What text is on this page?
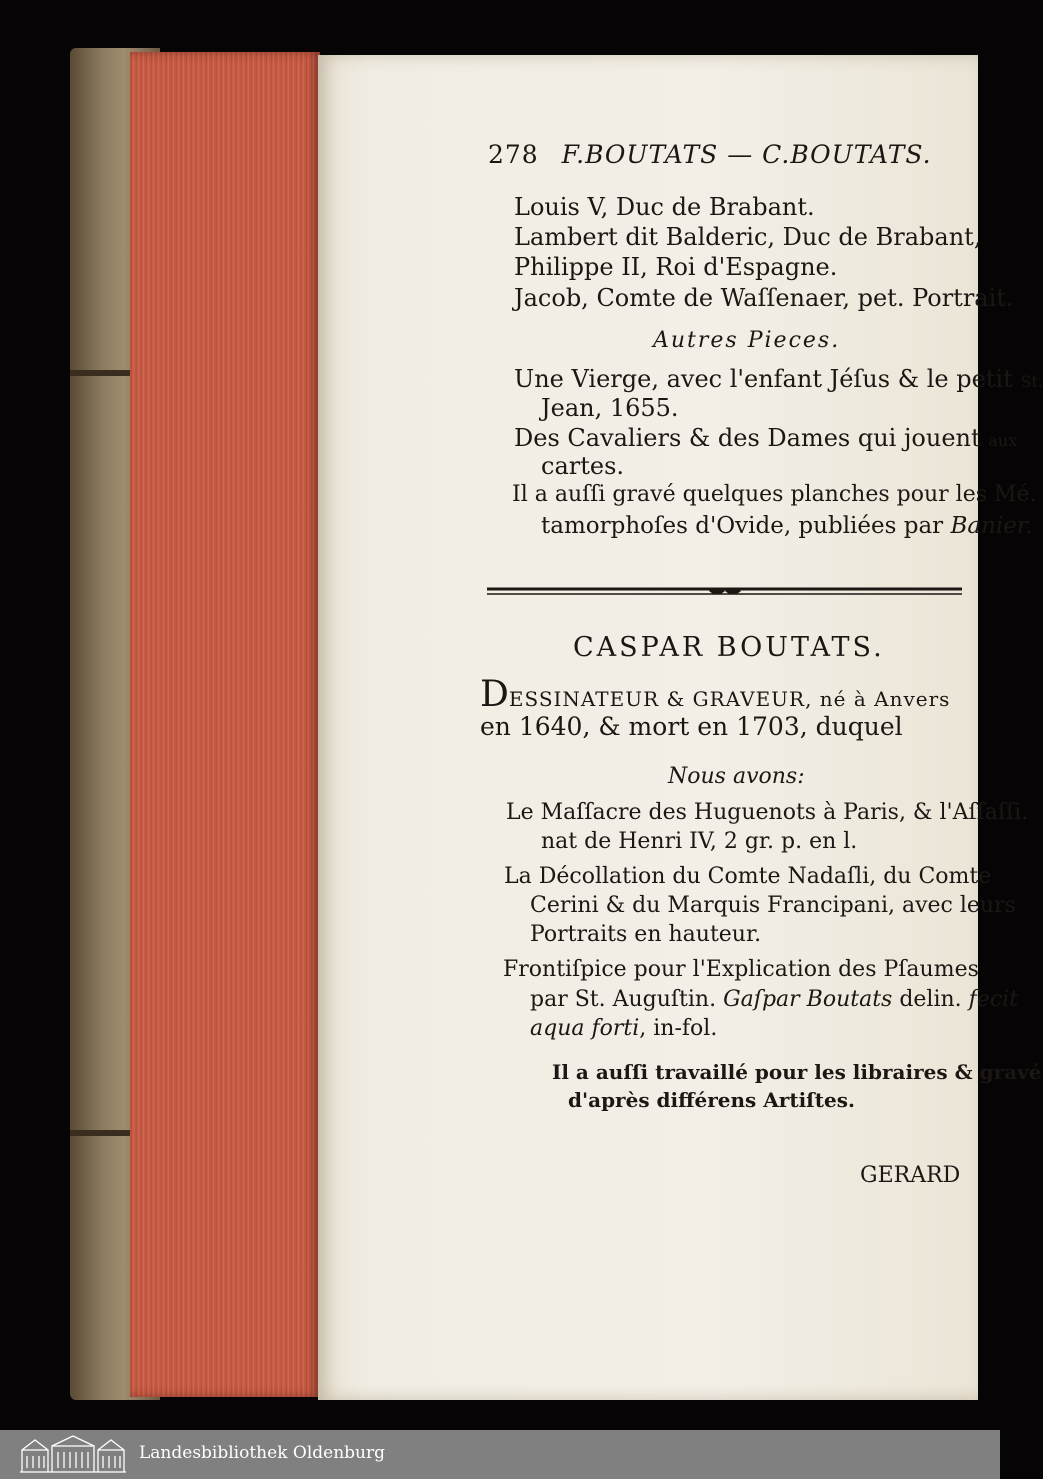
278 F.BOUTATS — C.BOUTATS.
Louis V, Duc de Brabant.
Lambert dit Balderic, Duc de Brabant,
Philippe II, Roi d'Espagne.
Jacob, Comte de Waſſenaer, pet. Portrait.
Autres Pieces.
Une Vierge, avec l'enfant Jéſus & le petit St.
Jean, 1655.
Des Cavaliers & des Dames qui jouent aux
cartes.
Il a auſſi gravé quelques planches pour les Mé.
tamorphoſes d'Ovide, publiées par Banier.
CASPAR BOUTATS.
DESSINATEUR & GRAVEUR, né à Anvers
en 1640, & mort en 1703, duquel
Nous avons:
Le Maſſacre des Huguenots à Paris, & l'Aſſaſſi.
nat de Henri IV, 2 gr. p. en l.
La Décollation du Comte Nadaſli, du Comte
Cerini & du Marquis Francipani, avec leurs
Portraits en hauteur.
Frontiſpice pour l'Explication des Pſaumes
par St. Auguſtin. Gaſpar Boutats delin. fecit
aqua forti, in-fol.
Il a auſſi travaillé pour les libraires & gravé
d'après différens Artiſtes.
GERARD
Landesbibliothek Oldenburg
